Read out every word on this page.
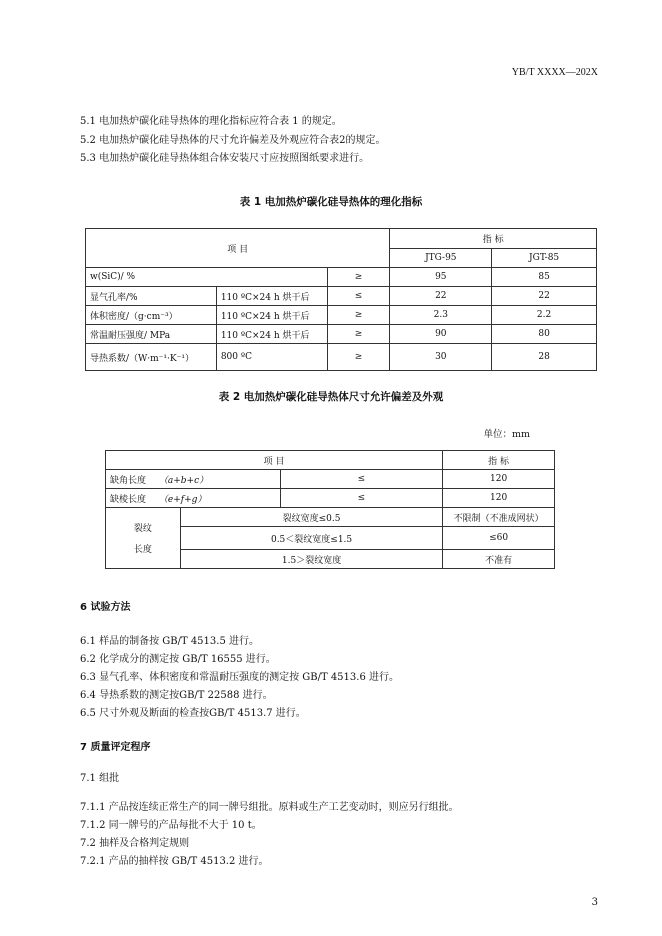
YB/T XXXX—202X
5.1 电加热炉碳化硅导热体的理化指标应符合表 1 的规定。
5.2 电加热炉碳化硅导热体的尺寸允许偏差及外观应符合表2的规定。
5.3 电加热炉碳化硅导热体组合体安装尺寸应按照图纸要求进行。
表 1 电加热炉碳化硅导热体的理化指标
项 目			指 标	
			JTG-95	JGT-85
w(SiC)/ %		≥	95	85
显气孔率/%	110 ºC×24 h 烘干后	≤	22	22
体积密度/（g·cm⁻³）	110 ºC×24 h 烘干后	≥	2.3	2.2
常温耐压强度/ MPa	110 ºC×24 h 烘干后	≥	90	80
导热系数/（W·m⁻¹·K⁻¹）	800 ºC	≥	30	28
表 2 电加热炉碳化硅导热体尺寸允许偏差及外观
单位：mm
项 目			指 标
缺角长度 （a+b+c）		≤	120
缺棱长度 （e+f+g）		≤	120

裂纹
长度	裂纹宽度≤0.5		不限制（不准成网状）
	0.5＜裂纹宽度≤1.5		≤60
	1.5＞裂纹宽度		不准有
6 试验方法
6.1 样品的制备按 GB/T 4513.5 进行。
6.2 化学成分的测定按 GB/T 16555 进行。
6.3 显气孔率、体积密度和常温耐压强度的测定按 GB/T 4513.6 进行。
6.4 导热系数的测定按GB/T 22588 进行。
6.5 尺寸外观及断面的检查按GB/T 4513.7 进行。
7 质量评定程序
7.1 组批
7.1.1 产品按连续正常生产的同一牌号组批。原料或生产工艺变动时，则应另行组批。
7.1.2 同一牌号的产品每批不大于 10 t。
7.2 抽样及合格判定规则
7.2.1 产品的抽样按 GB/T 4513.2 进行。
3
